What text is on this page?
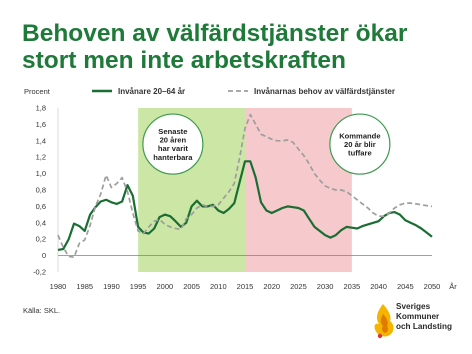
Behoven av välfärdstjänster ökar
stort men inte arbetskraften
Procent
-0,2
0
0,2
0,4
0,6
0,8
1,0
1,2
1,4
1,6
1,8
1980 1985 1990 1995 2000 2005 2010 2015 2020 2025 2030 2035 2040 2045 2050 År
Invånare 20–64 år	Invånarnas behov av välfärdstjänster
Senaste
20 åren
har varit
hanterbara
Kommande
20 år blir
tuffare
Källa: SKL.	Sveriges
Kommuner
och Landsting
